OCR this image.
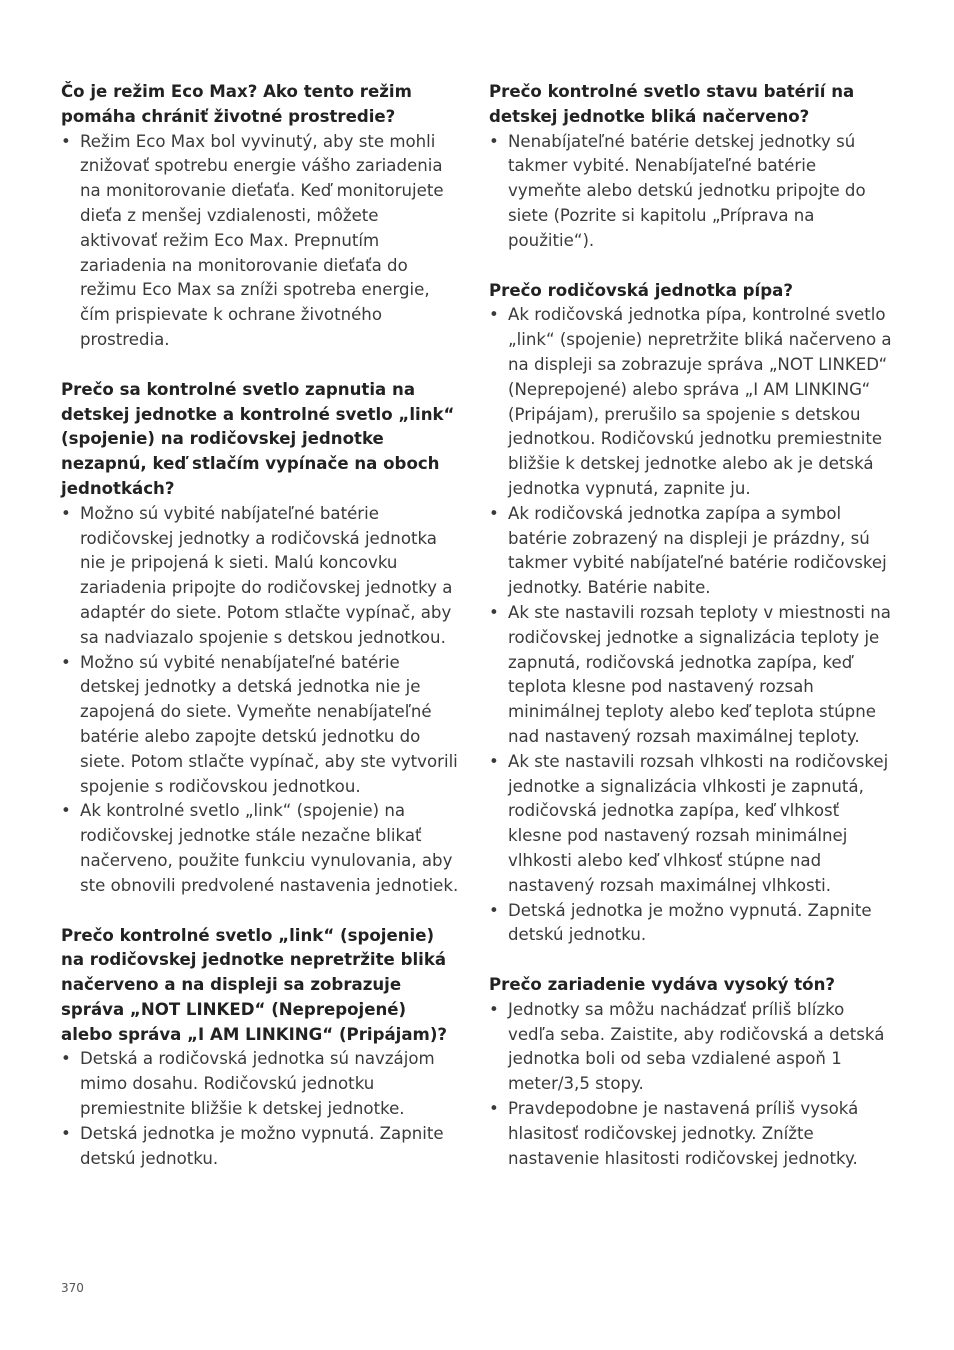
Čo je režim Eco Max? Ako tento režim pomáha chrániť životné prostredie?

• Režim Eco Max bol vyvinutý, aby ste mohli znižovať spotrebu energie vášho zariadenia na monitorovanie dieťaťa. Keď monitorujete dieťa z menšej vzdialenosti, môžete aktivovať režim Eco Max. Prepnutím zariadenia na monitorovanie dieťaťa do režimu Eco Max sa zníži spotreba energie, čím prispievate k ochrane životného prostredia.

Prečo sa kontrolné svetlo zapnutia na detskej jednotke a kontrolné svetlo „link“ (spojenie) na rodičovskej jednotke nezapnú, keď stlačím vypínače na oboch jednotkách?

• Možno sú vybité nabíjateľné batérie rodičovskej jednotky a rodičovská jednotka nie je pripojená k sieti. Malú koncovku zariadenia pripojte do rodičovskej jednotky a adaptér do siete. Potom stlačte vypínač, aby sa nadviazalo spojenie s detskou jednotkou.
• Možno sú vybité nenabíjateľné batérie detskej jednotky a detská jednotka nie je zapojená do siete. Vymeňte nenabíjateľné batérie alebo zapojte detskú jednotku do siete. Potom stlačte vypínač, aby ste vytvorili spojenie s rodičovskou jednotkou.
• Ak kontrolné svetlo „link“ (spojenie) na rodičovskej jednotke stále nezačne blikať načerveno, použite funkciu vynulovania, aby ste obnovili predvolené nastavenia jednotiek.

Prečo kontrolné svetlo „link“ (spojenie) na rodičovskej jednotke nepretržite bliká načerveno a na displeji sa zobrazuje správa „NOT LINKED“ (Neprepojené) alebo správa „I AM LINKING“ (Pripájam)?

• Detská a rodičovská jednotka sú navzájom mimo dosahu. Rodičovskú jednotku premiestnite bližšie k detskej jednotke.
• Detská jednotka je možno vypnutá. Zapnite detskú jednotku.

Prečo kontrolné svetlo stavu batérií na detskej jednotke bliká načerveno?

• Nenabíjateľné batérie detskej jednotky sú takmer vybité. Nenabíjateľné batérie vymeňte alebo detskú jednotku pripojte do siete (Pozrite si kapitolu „Príprava na použitie“).

Prečo rodičovská jednotka pípa?

• Ak rodičovská jednotka pípa, kontrolné svetlo „link“ (spojenie) nepretržite bliká načerveno a na displeji sa zobrazuje správa „NOT LINKED“ (Neprepojené) alebo správa „I AM LINKING“ (Pripájam), prerušilo sa spojenie s detskou jednotkou. Rodičovskú jednotku premiestnite bližšie k detskej jednotke alebo ak je detská jednotka vypnutá, zapnite ju.
• Ak rodičovská jednotka zapípa a symbol batérie zobrazený na displeji je prázdny, sú takmer vybité nabíjateľné batérie rodičovskej jednotky. Batérie nabite.
• Ak ste nastavili rozsah teploty v miestnosti na rodičovskej jednotke a signalizácia teploty je zapnutá, rodičovská jednotka zapípa, keď teplota klesne pod nastavený rozsah minimálnej teploty alebo keď teplota stúpne nad nastavený rozsah maximálnej teploty.
• Ak ste nastavili rozsah vlhkosti na rodičovskej jednotke a signalizácia vlhkosti je zapnutá, rodičovská jednotka zapípa, keď vlhkosť klesne pod nastavený rozsah minimálnej vlhkosti alebo keď vlhkosť stúpne nad nastavený rozsah maximálnej vlhkosti.
• Detská jednotka je možno vypnutá. Zapnite detskú jednotku.

Prečo zariadenie vydáva vysoký tón?

• Jednotky sa môžu nachádzať príliš blízko vedľa seba. Zaistite, aby rodičovská a detská jednotka boli od seba vzdialené aspoň 1 meter/3,5 stopy.
• Pravdepodobne je nastavená príliš vysoká hlasitosť rodičovskej jednotky. Znížte nastavenie hlasitosti rodičovskej jednotky.
370
